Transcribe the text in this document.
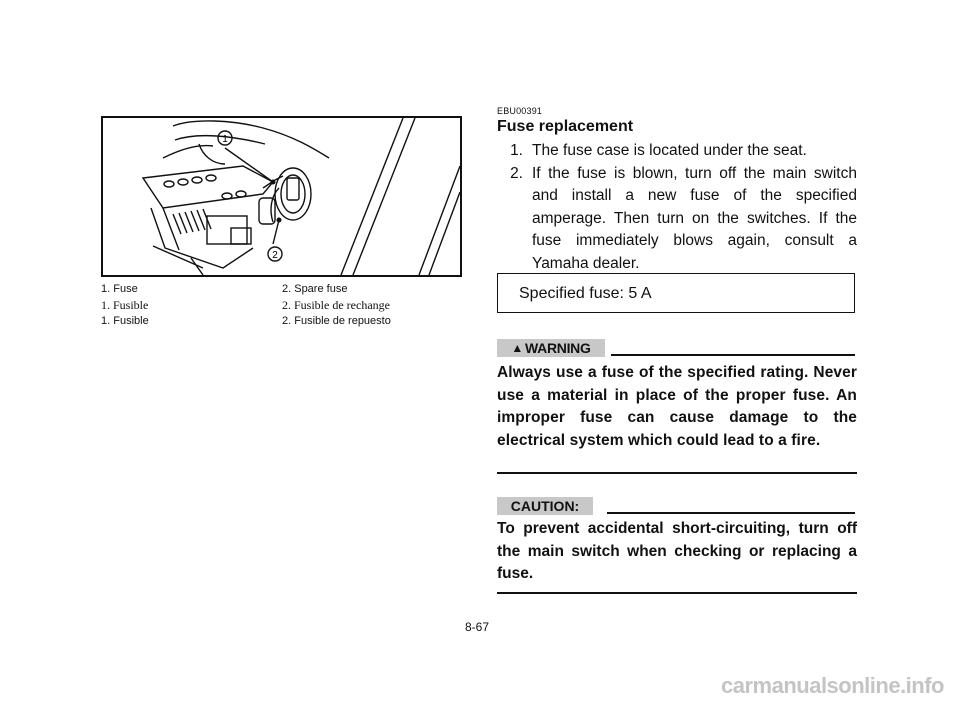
1
2
1. Fuse	2. Spare fuse
1. Fusible	2. Fusible de rechange
1. Fusible	2. Fusible de repuesto
EBU00391
Fuse replacement
1. The fuse case is located under the seat.
2. If the fuse is blown, turn off the main switch and install a new fuse of the specified amperage. Then turn on the switches. If the fuse immediately blows again, consult a Yamaha dealer.
Specified fuse: 5 A
▲ WARNING
Always use a fuse of the specified rating. Never use a material in place of the proper fuse. An improper fuse can cause damage to the electrical system which could lead to a fire.
CAUTION:
To prevent accidental short-circuiting, turn off the main switch when checking or replacing a fuse.
8-67
carmanualsonline.info
